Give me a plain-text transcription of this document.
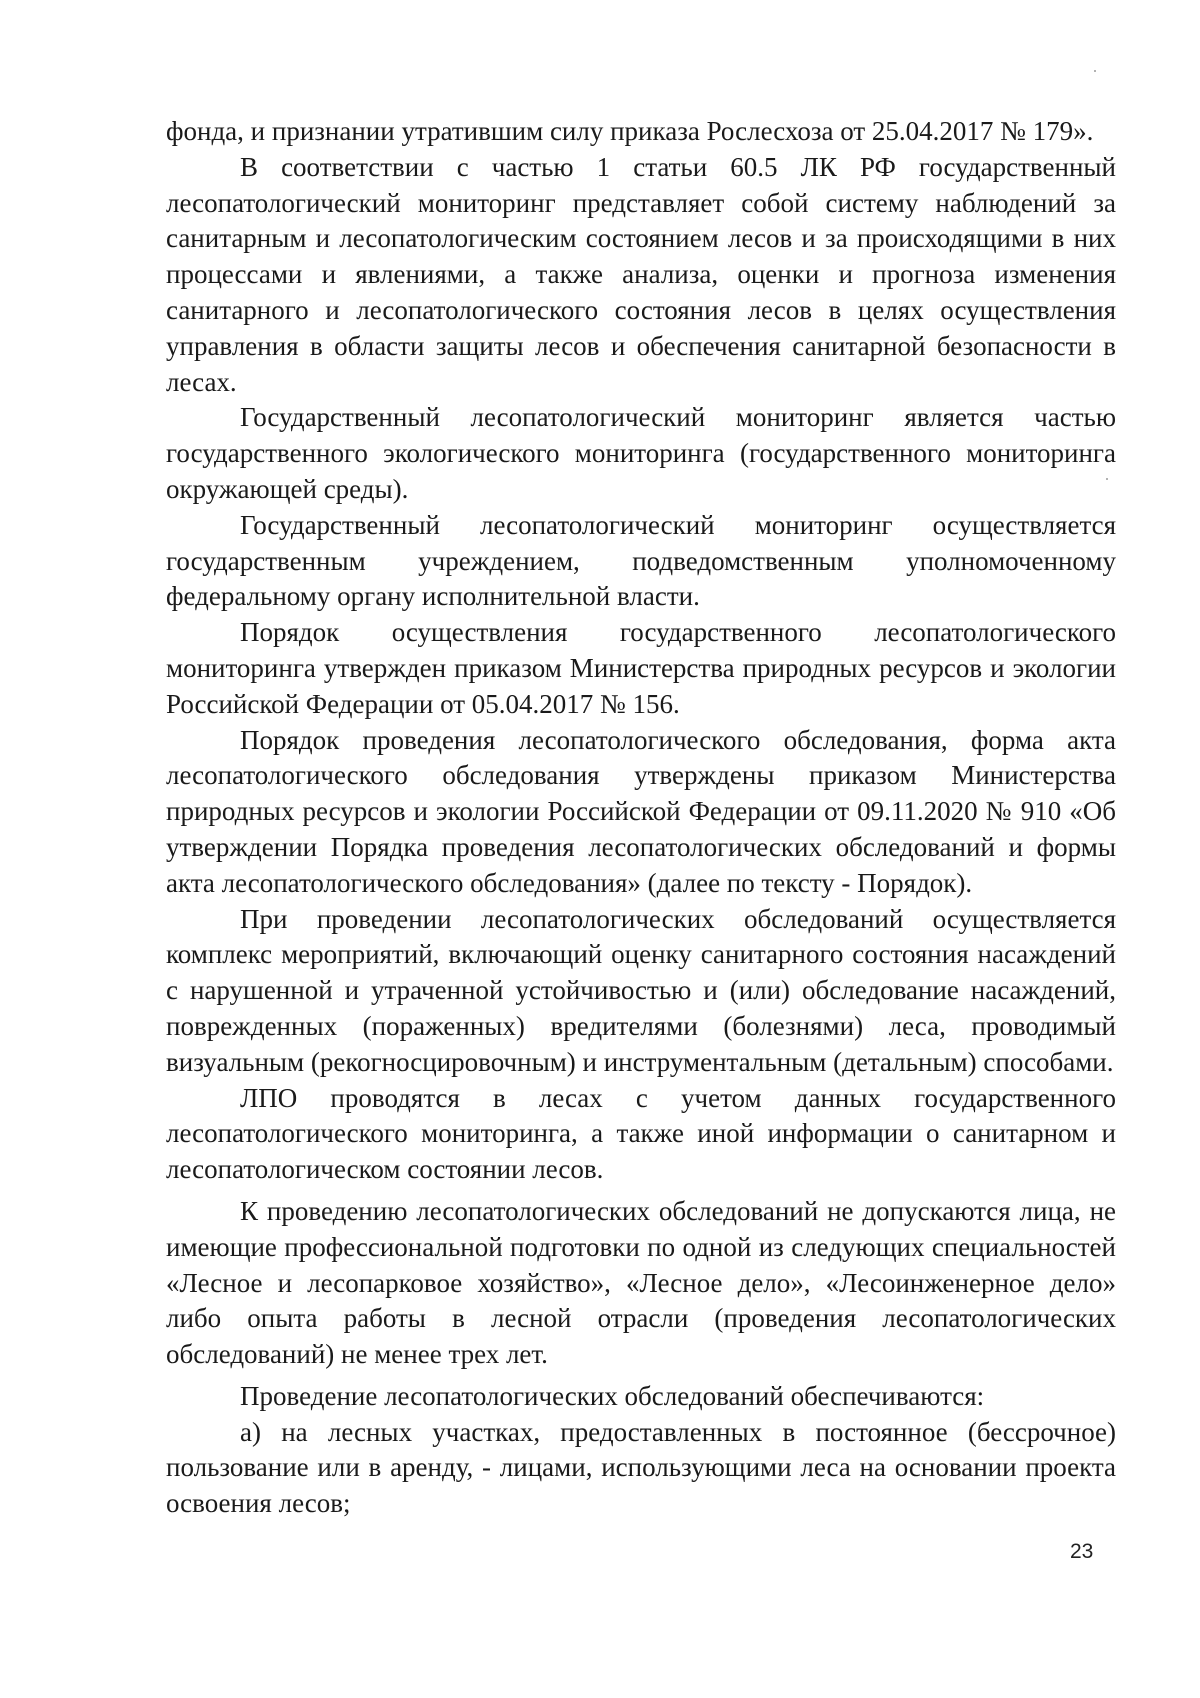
фонда, и признании утратившим силу приказа Рослесхоза от 25.04.2017 № 179».

В соответствии с частью 1 статьи 60.5 ЛК РФ государственный лесопатологический мониторинг представляет собой систему наблюдений за санитарным и лесопатологическим состоянием лесов и за происходящими в них процессами и явлениями, а также анализа, оценки и прогноза изменения санитарного и лесопатологического состояния лесов в целях осуществления управления в области защиты лесов и обеспечения санитарной безопасности в лесах.

Государственный лесопатологический мониторинг является частью государственного экологического мониторинга (государственного мониторинга окружающей среды).

Государственный лесопатологический мониторинг осуществляется государственным учреждением, подведомственным уполномоченному федеральному органу исполнительной власти.

Порядок осуществления государственного лесопатологического мониторинга утвержден приказом Министерства природных ресурсов и экологии Российской Федерации от 05.04.2017 № 156.

Порядок проведения лесопатологического обследования, форма акта лесопатологического обследования утверждены приказом Министерства природных ресурсов и экологии Российской Федерации от 09.11.2020 № 910 «Об утверждении Порядка проведения лесопатологических обследований и формы акта лесопатологического обследования» (далее по тексту - Порядок).

При проведении лесопатологических обследований осуществляется комплекс мероприятий, включающий оценку санитарного состояния насаждений с нарушенной и утраченной устойчивостью и (или) обследование насаждений, поврежденных (пораженных) вредителями (болезнями) леса, проводимый визуальным (рекогносцировочным) и инструментальным (детальным) способами.

ЛПО проводятся в лесах с учетом данных государственного лесопатологического мониторинга, а также иной информации о санитарном и лесопатологическом состоянии лесов.

К проведению лесопатологических обследований не допускаются лица, не имеющие профессиональной подготовки по одной из следующих специальностей «Лесное и лесопарковое хозяйство», «Лесное дело», «Лесоинженерное дело» либо опыта работы в лесной отрасли (проведения лесопатологических обследований) не менее трех лет.

Проведение лесопатологических обследований обеспечиваются:

а) на лесных участках, предоставленных в постоянное (бессрочное) пользование или в аренду, - лицами, использующими леса на основании проекта освоения лесов;

23
